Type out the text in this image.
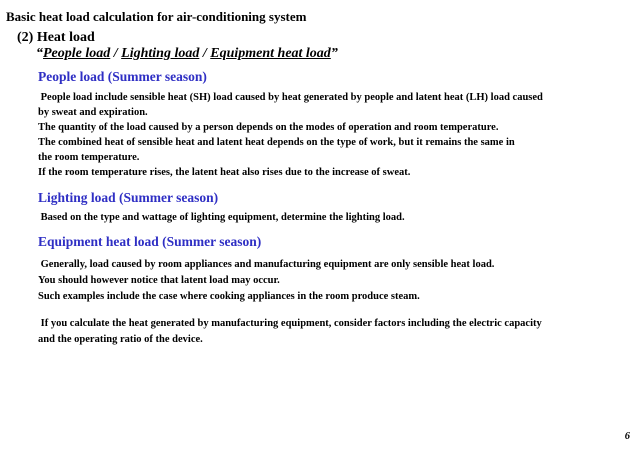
Basic heat load calculation for air-conditioning system
(2) Heat load
“People load / Lighting load / Equipment heat load”
People load (Summer season)
People load include sensible heat (SH) load caused by heat generated by people and latent heat (LH) load caused
by sweat and expiration.
The quantity of the load caused by a person depends on the modes of operation and room temperature.
The combined heat of sensible heat and latent heat depends on the type of work, but it remains the same in
the room temperature.
If the room temperature rises, the latent heat also rises due to the increase of sweat.
Lighting load (Summer season)
Based on the type and wattage of lighting equipment, determine the lighting load.
Equipment heat load (Summer season)
Generally, load caused by room appliances and manufacturing equipment are only sensible heat load.
You should however notice that latent load may occur.
Such examples include the case where cooking appliances in the room produce steam.
If you calculate the heat generated by manufacturing equipment, consider factors including the electric capacity
and the operating ratio of the device.
6
